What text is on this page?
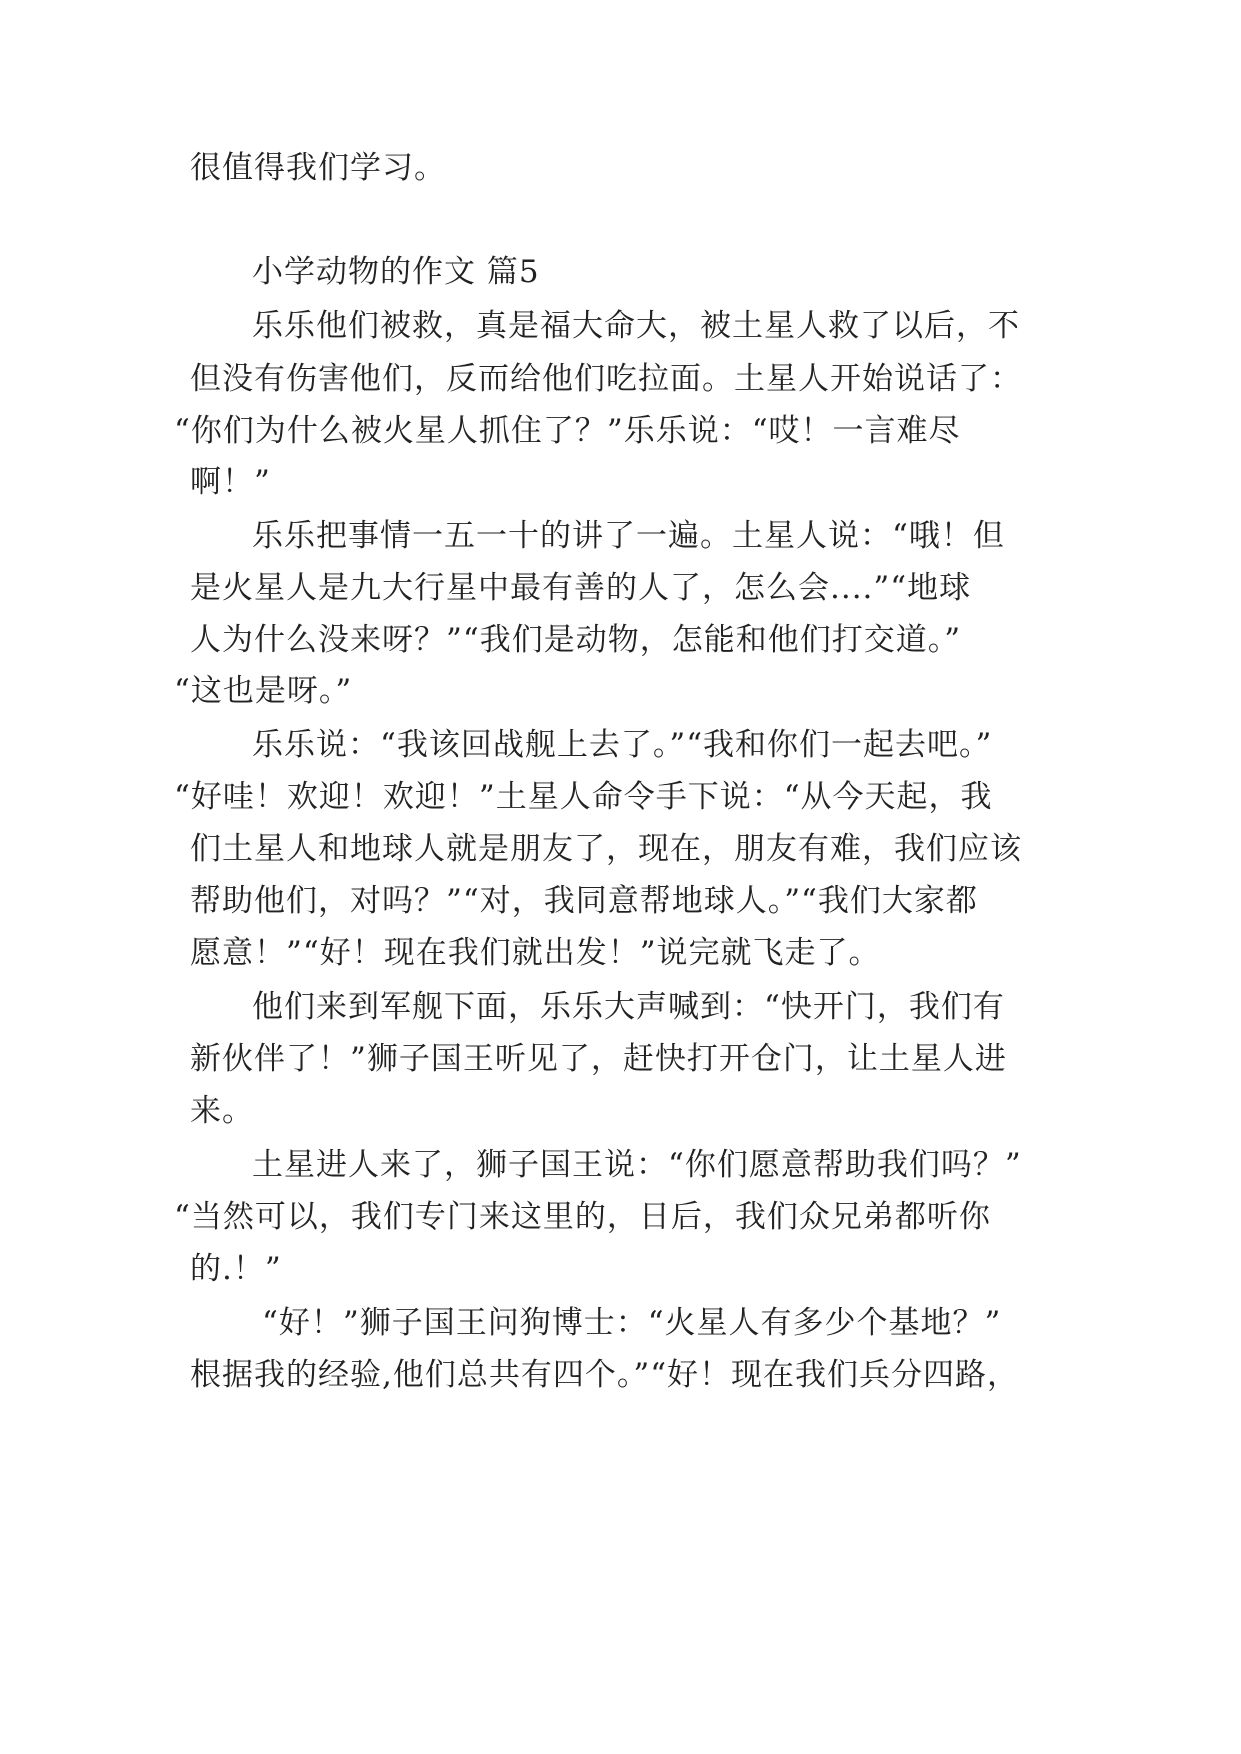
很值得我们学习。
小学动物的作文 篇5
乐乐他们被救，真是福大命大，被土星人救了以后，不
但没有伤害他们，反而给他们吃拉面。土星人开始说话了：
“你们为什么被火星人抓住了？”乐乐说：“哎！一言难尽
啊！”
乐乐把事情一五一十的讲了一遍。土星人说：“哦！但
是火星人是九大行星中最有善的人了，怎么会....”“地球
人为什么没来呀？”“我们是动物，怎能和他们打交道。”
“这也是呀。”
乐乐说：“我该回战舰上去了。”“我和你们一起去吧。”
“好哇！欢迎！欢迎！”土星人命令手下说：“从今天起，我
们土星人和地球人就是朋友了，现在，朋友有难，我们应该
帮助他们，对吗？”“对，我同意帮地球人。”“我们大家都
愿意！”“好！现在我们就出发！”说完就飞走了。
他们来到军舰下面，乐乐大声喊到：“快开门，我们有
新伙伴了！”狮子国王听见了，赶快打开仓门，让土星人进
来。
土星进人来了，狮子国王说：“你们愿意帮助我们吗？”
“当然可以，我们专门来这里的，日后，我们众兄弟都听你
的.！”
“好！”狮子国王问狗博士：“火星人有多少个基地？”
根据我的经验,他们总共有四个。”“好！现在我们兵分四路，
